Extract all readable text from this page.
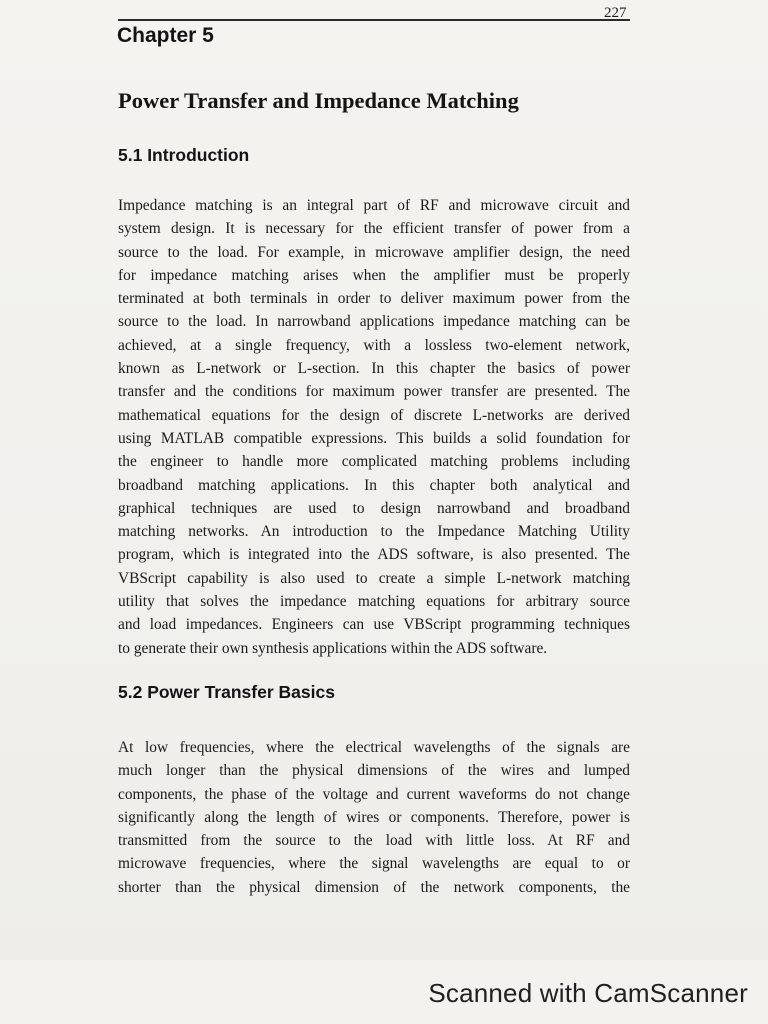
227
Chapter 5
Power Transfer and Impedance Matching
5.1 Introduction
Impedance matching is an integral part of RF and microwave circuit and
system design. It is necessary for the efficient transfer of power from a
source to the load. For example, in microwave amplifier design, the need
for impedance matching arises when the amplifier must be properly
terminated at both terminals in order to deliver maximum power from the
source to the load. In narrowband applications impedance matching can be
achieved, at a single frequency, with a lossless two-element network,
known as L-network or L-section. In this chapter the basics of power
transfer and the conditions for maximum power transfer are presented. The
mathematical equations for the design of discrete L-networks are derived
using MATLAB compatible expressions. This builds a solid foundation for
the engineer to handle more complicated matching problems including
broadband matching applications. In this chapter both analytical and
graphical techniques are used to design narrowband and broadband
matching networks. An introduction to the Impedance Matching Utility
program, which is integrated into the ADS software, is also presented. The
VBScript capability is also used to create a simple L-network matching
utility that solves the impedance matching equations for arbitrary source
and load impedances. Engineers can use VBScript programming techniques
to generate their own synthesis applications within the ADS software.
5.2 Power Transfer Basics
At low frequencies, where the electrical wavelengths of the signals are
much longer than the physical dimensions of the wires and lumped
components, the phase of the voltage and current waveforms do not change
significantly along the length of wires or components. Therefore, power is
transmitted from the source to the load with little loss. At RF and
microwave frequencies, where the signal wavelengths are equal to or
shorter than the physical dimension of the network components, the
Scanned with CamScanner
